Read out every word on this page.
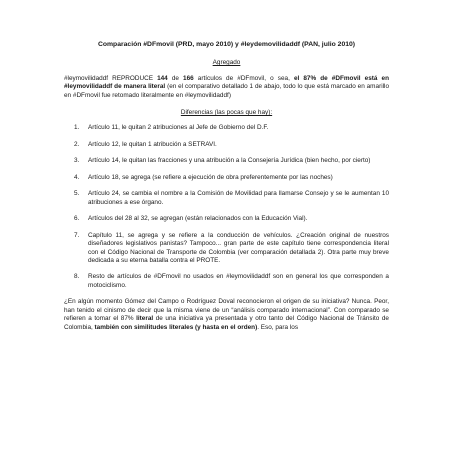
Comparación #DFmovil (PRD, mayo 2010) y #leydemovilidaddf (PAN, julio 2010)
Agregado

#leymovilidaddf REPRODUCE 144 de 166 artículos de #DFmovil, o sea, el 87% de #DFmovil está en #leymovilidaddf de manera literal (en el comparativo detallado 1 de abajo, todo lo que está marcado en amarillo en #DFmovil fue retomado literalmente en #leymovilidaddf)

Diferencias (las pocas que hay):
1. Artículo 11, le quitan 2 atribuciones al Jefe de Gobierno del D.F.
2. Artículo 12, le quitan 1 atribución a SETRAVI.
3. Artículo 14, le quitan las fracciones y una atribución a la Consejería Jurídica (bien hecho, por cierto)
4. Artículo 18, se agrega (se refiere a ejecución de obra preferentemente por las noches)
5. Artículo 24, se cambia el nombre a la Comisión de Movilidad para llamarse Consejo y se le aumentan 10 atribuciones a ese órgano.
6. Artículos del 28 al 32, se agregan (están relacionados con la Educación Vial).
7. Capítulo 11, se agrega y se refiere a la conducción de vehículos. ¿Creación original de nuestros diseñadores legislativos panistas? Tampoco... gran parte de este capítulo tiene correspondencia literal con el Código Nacional de Transporte de Colombia (ver comparación detallada 2). Otra parte muy breve dedicada a su eterna batalla contra el PROTE.
8. Resto de artículos de #DFmovil no usados en #leymovilidaddf son en general los que corresponden a motociclismo.

¿En algún momento Gómez del Campo o Rodríguez Doval reconocieron el origen de su iniciativa? Nunca. Peor, han tenido el cinismo de decir que la misma viene de un “análisis comparado internacional”. Con comparado se refieren a tomar el 87% literal de una iniciativa ya presentada y otro tanto del Código Nacional de Tránsito de Colombia, también con similitudes literales (y hasta en el orden). Eso, para los
